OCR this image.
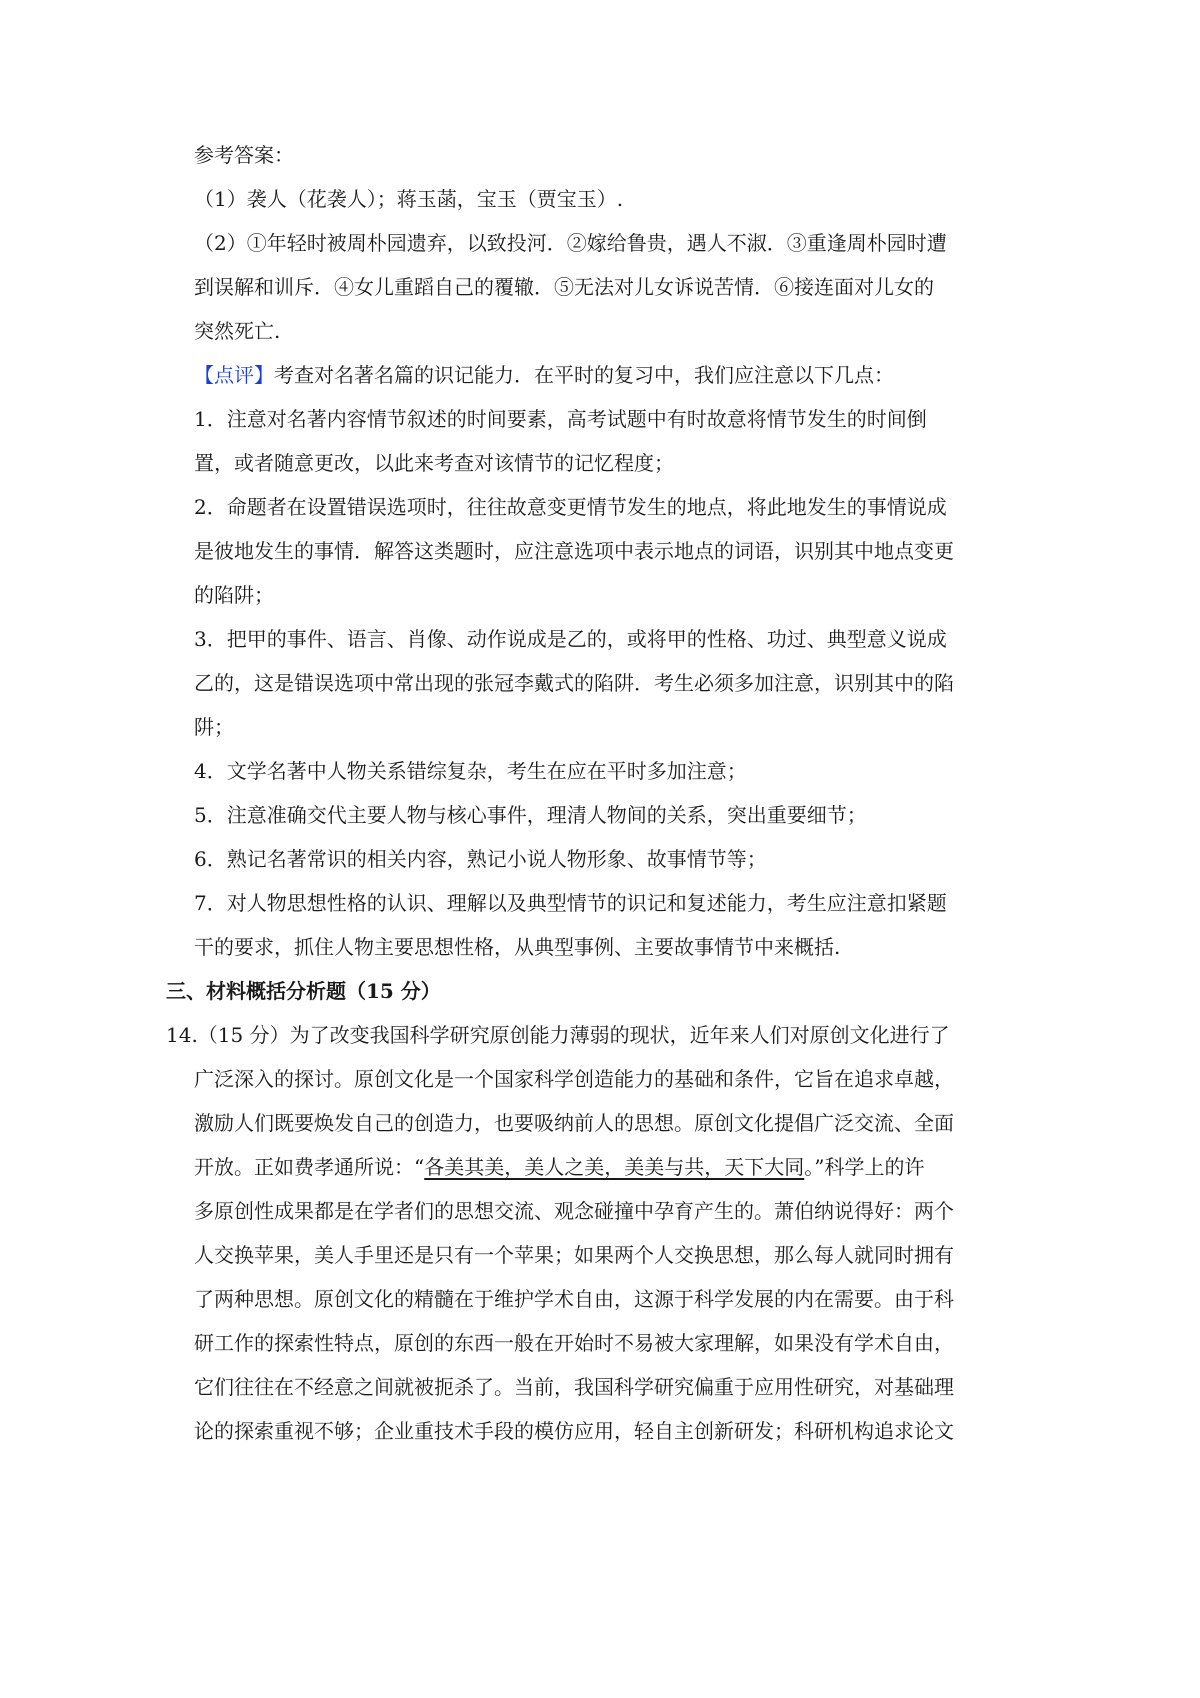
参考答案：
（1）袭人（花袭人）；蒋玉菡，宝玉（贾宝玉）.
（2）①年轻时被周朴园遗弃，以致投河．②嫁给鲁贵，遇人不淑．③重逢周朴园时遭
到误解和训斥．④女儿重蹈自己的覆辙．⑤无法对儿女诉说苦情．⑥接连面对儿女的
突然死亡.
【点评】考查对名著名篇的识记能力．在平时的复习中，我们应注意以下几点：
1．注意对名著内容情节叙述的时间要素，高考试题中有时故意将情节发生的时间倒
置，或者随意更改，以此来考查对该情节的记忆程度；
2．命题者在设置错误选项时，往往故意变更情节发生的地点，将此地发生的事情说成
是彼地发生的事情．解答这类题时，应注意选项中表示地点的词语，识别其中地点变更
的陷阱；
3．把甲的事件、语言、肖像、动作说成是乙的，或将甲的性格、功过、典型意义说成
乙的，这是错误选项中常出现的张冠李戴式的陷阱．考生必须多加注意，识别其中的陷
阱；
4．文学名著中人物关系错综复杂，考生在应在平时多加注意；
5．注意准确交代主要人物与核心事件，理清人物间的关系，突出重要细节；
6．熟记名著常识的相关内容，熟记小说人物形象、故事情节等；
7．对人物思想性格的认识、理解以及典型情节的识记和复述能力，考生应注意扣紧题
干的要求，抓住人物主要思想性格，从典型事例、主要故事情节中来概括.
三、材料概括分析题（15 分）
14.（15 分）为了改变我国科学研究原创能力薄弱的现状，近年来人们对原创文化进行了
广泛深入的探讨。原创文化是一个国家科学创造能力的基础和条件，它旨在追求卓越，
激励人们既要焕发自己的创造力，也要吸纳前人的思想。原创文化提倡广泛交流、全面
开放。正如费孝通所说：“各美其美，美人之美，美美与共，天下大同。”科学上的许
多原创性成果都是在学者们的思想交流、观念碰撞中孕育产生的。萧伯纳说得好：两个
人交换苹果，美人手里还是只有一个苹果；如果两个人交换思想，那么每人就同时拥有
了两种思想。原创文化的精髓在于维护学术自由，这源于科学发展的内在需要。由于科
研工作的探索性特点，原创的东西一般在开始时不易被大家理解，如果没有学术自由，
它们往往在不经意之间就被扼杀了。当前，我国科学研究偏重于应用性研究，对基础理
论的探索重视不够；企业重技术手段的模仿应用，轻自主创新研发；科研机构追求论文
